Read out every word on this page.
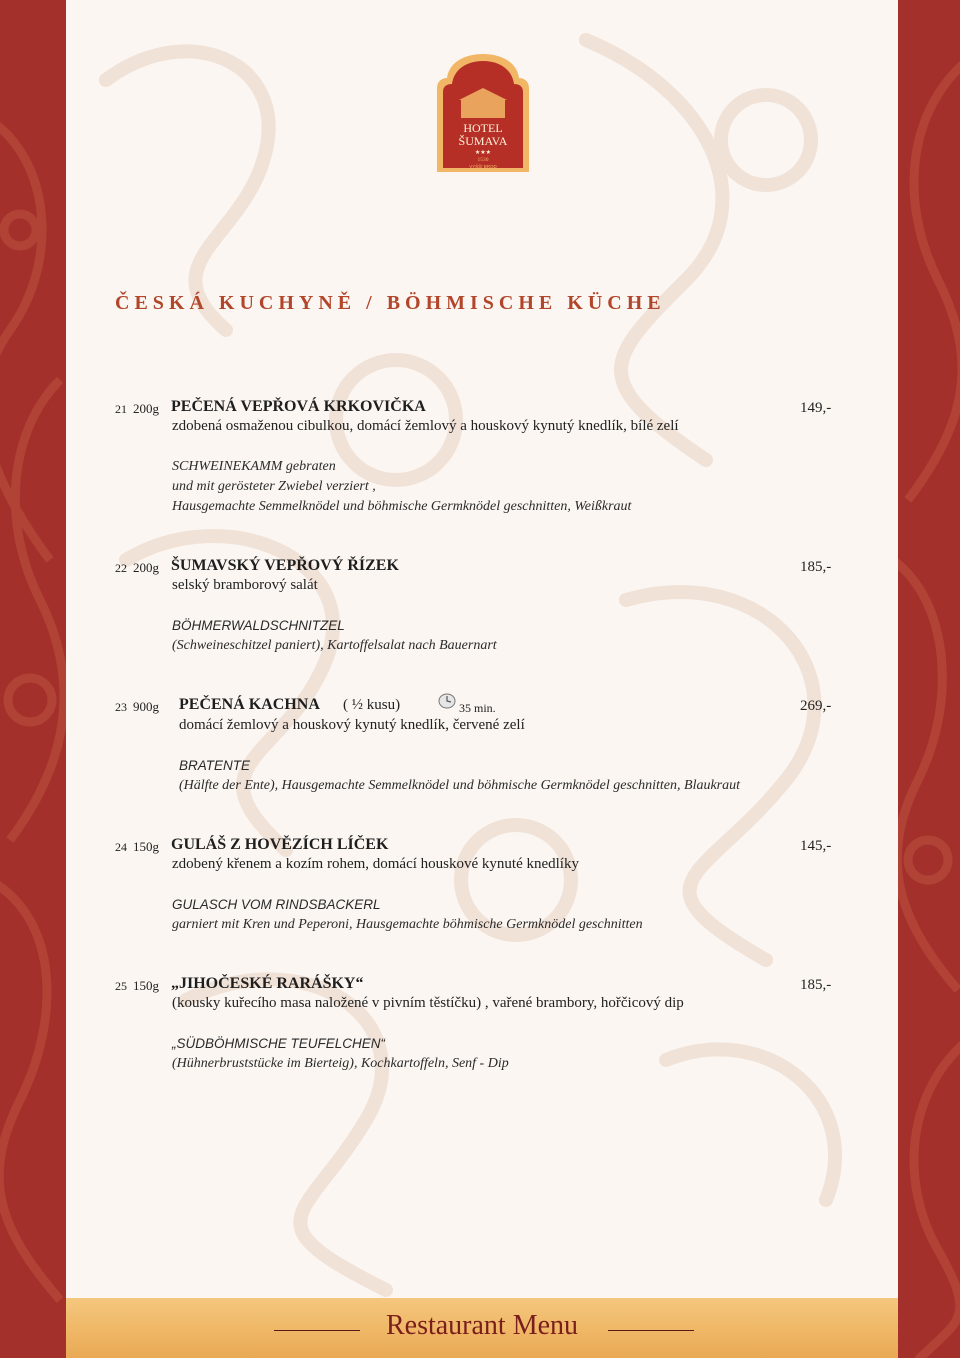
Restaurant Menu
HOTEL
ŠUMAVA
★★★
1530
VYŠŠÍ BROD
ČESKÁ KUCHYNĚ / BÖHMISCHE KÜCHE
21 200g PEČENÁ VEPŘOVÁ KRKOVIČKA	149,-
zdobená osmaženou cibulkou, domácí žemlový a houskový kynutý knedlík, bílé zelí
SCHWEINEKAMM gebraten
und mit gerösteter Zwiebel verziert ,
Hausgemachte Semmelknödel und böhmische Germknödel geschnitten, Weißkraut
22 200g ŠUMAVSKÝ VEPŘOVÝ ŘÍZEK	185,-
selský bramborový salát
BÖHMERWALDSCHNITZEL
(Schweineschitzel paniert), Kartoffelsalat nach Bauernart
23 900g PEČENÁ KACHNA ( ½ kusu)	35 min.	269,-
domácí žemlový a houskový kynutý knedlík, červené zelí
BRATENTE
(Hälfte der Ente), Hausgemachte Semmelknödel und böhmische Germknödel geschnitten, Blaukraut
24 150g GULÁŠ Z HOVĚZÍCH LÍČEK	145,-
zdobený křenem a kozím rohem, domácí houskové kynuté knedlíky
GULASCH VOM RINDSBACKERL
garniert mit Kren und Peperoni, Hausgemachte böhmische Germknödel geschnitten
25 150g „JIHOČESKÉ RARÁŠKY“	185,-
(kousky kuřecího masa naložené v pivním těstíčku) , vařené brambory, hořčicový dip
„SÜDBÖHMISCHE TEUFELCHEN“
(Hühnerbruststücke im Bierteig), Kochkartoffeln, Senf - Dip
